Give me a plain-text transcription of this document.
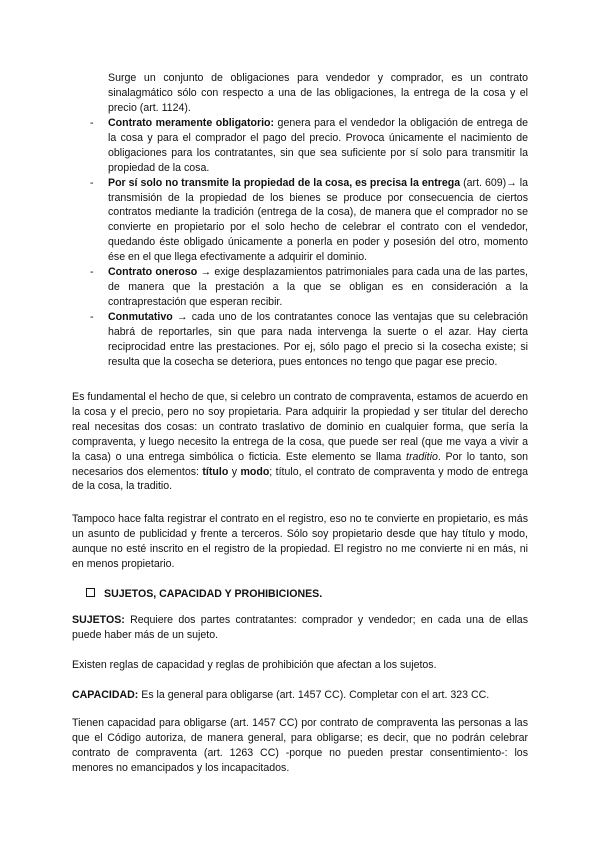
Surge un conjunto de obligaciones para vendedor y comprador, es un contrato sinalagmático sólo con respecto a una de las obligaciones, la entrega de la cosa y el precio (art. 1124).

- Contrato meramente obligatorio: genera para el vendedor la obligación de entrega de la cosa y para el comprador el pago del precio. Provoca únicamente el nacimiento de obligaciones para los contratantes, sin que sea suficiente por sí solo para transmitir la propiedad de la cosa.
- Por sí solo no transmite la propiedad de la cosa, es precisa la entrega (art. 609)→ la transmisión de la propiedad de los bienes se produce por consecuencia de ciertos contratos mediante la tradición (entrega de la cosa), de manera que el comprador no se convierte en propietario por el solo hecho de celebrar el contrato con el vendedor, quedando éste obligado únicamente a ponerla en poder y posesión del otro, momento ése en el que llega efectivamente a adquirir el dominio.
- Contrato oneroso → exige desplazamientos patrimoniales para cada una de las partes, de manera que la prestación a la que se obligan es en consideración a la contraprestación que esperan recibir.
- Conmutativo → cada uno de los contratantes conoce las ventajas que su celebración habrá de reportarles, sin que para nada intervenga la suerte o el azar. Hay cierta reciprocidad entre las prestaciones. Por ej, sólo pago el precio si la cosecha existe; si resulta que la cosecha se deteriora, pues entonces no tengo que pagar ese precio.

Es fundamental el hecho de que, si celebro un contrato de compraventa, estamos de acuerdo en la cosa y el precio, pero no soy propietaria. Para adquirir la propiedad y ser titular del derecho real necesitas dos cosas: un contrato traslativo de dominio en cualquier forma, que sería la compraventa, y luego necesito la entrega de la cosa, que puede ser real (que me vaya a vivir a la casa) o una entrega simbólica o ficticia. Este elemento se llama traditio. Por lo tanto, son necesarios dos elementos: título y modo; título, el contrato de compraventa y modo de entrega de la cosa, la traditio.

Tampoco hace falta registrar el contrato en el registro, eso no te convierte en propietario, es más un asunto de publicidad y frente a terceros. Sólo soy propietario desde que hay título y modo, aunque no esté inscrito en el registro de la propiedad. El registro no me convierte ni en más, ni en menos propietario.

SUJETOS, CAPACIDAD Y PROHIBICIONES.

SUJETOS: Requiere dos partes contratantes: comprador y vendedor; en cada una de ellas puede haber más de un sujeto.

Existen reglas de capacidad y reglas de prohibición que afectan a los sujetos.

CAPACIDAD: Es la general para obligarse (art. 1457 CC). Completar con el art. 323 CC.

Tienen capacidad para obligarse (art. 1457 CC) por contrato de compraventa las personas a las que el Código autoriza, de manera general, para obligarse; es decir, que no podrán celebrar contrato de compraventa (art. 1263 CC) -porque no pueden prestar consentimiento-: los menores no emancipados y los incapacitados.
